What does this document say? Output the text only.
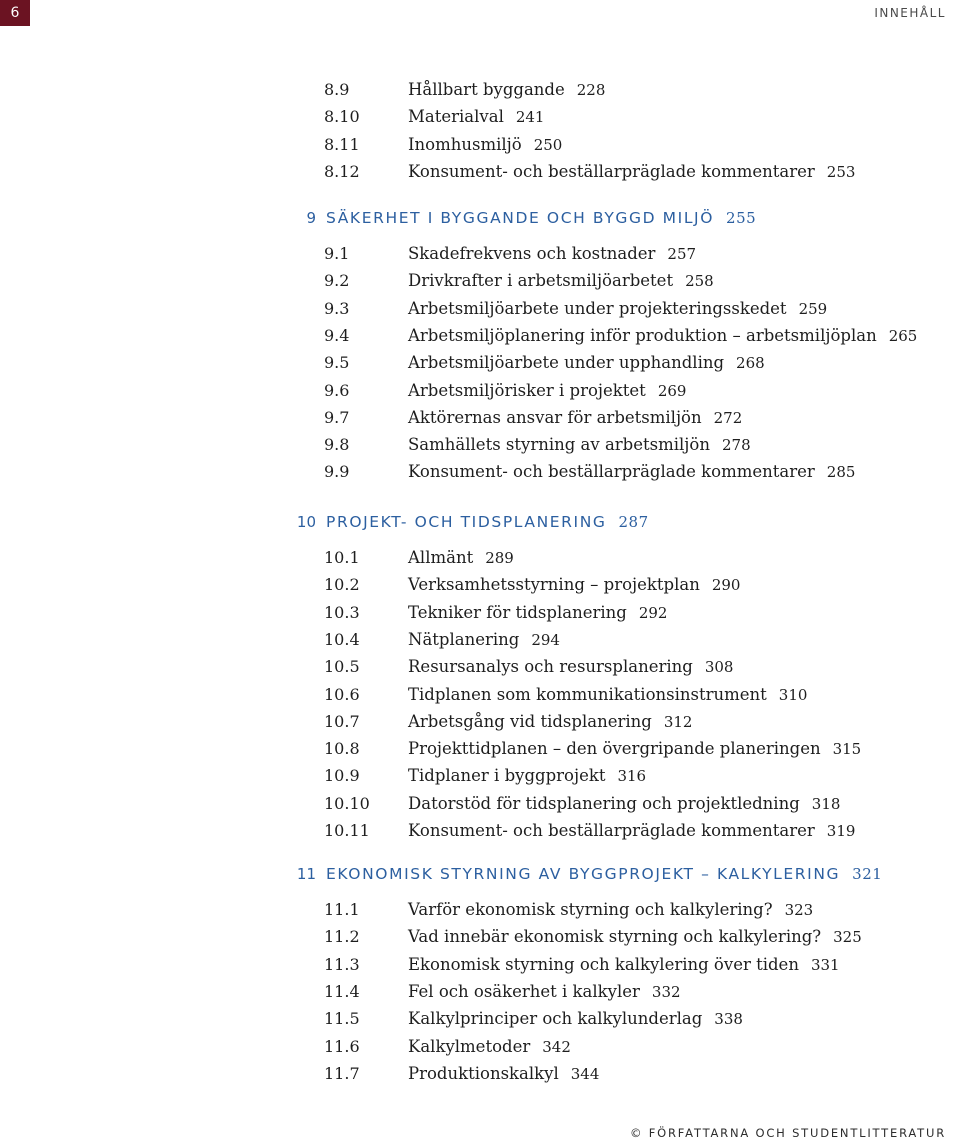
6	INNEHÅLL
8.9	Hållbart byggande 228
8.10	Materialval 241
8.11	Inomhusmiljö 250
8.12	Konsument- och beställarpräglade kommentarer 253
9 SÄKERHET I BYGGANDE OCH BYGGD MILJÖ 255
9.1	Skadefrekvens och kostnader 257
9.2	Drivkrafter i arbetsmiljöarbetet 258
9.3	Arbetsmiljöarbete under projekteringsskedet 259
9.4	Arbetsmiljöplanering inför produktion – arbetsmiljöplan 265
9.5	Arbetsmiljöarbete under upphandling 268
9.6	Arbetsmiljörisker i projektet 269
9.7	Aktörernas ansvar för arbetsmiljön 272
9.8	Samhällets styrning av arbetsmiljön 278
9.9	Konsument- och beställarpräglade kommentarer 285
10 PROJEKT- OCH TIDSPLANERING 287
10.1	Allmänt 289
10.2	Verksamhetsstyrning – projektplan 290
10.3	Tekniker för tidsplanering 292
10.4	Nätplanering 294
10.5	Resursanalys och resursplanering 308
10.6	Tidplanen som kommunikationsinstrument 310
10.7	Arbetsgång vid tidsplanering 312
10.8	Projekttidplanen – den övergripande planeringen 315
10.9	Tidplaner i byggprojekt 316
10.10 Datorstöd för tidsplanering och projektledning 318
10.11 Konsument- och beställarpräglade kommentarer 319
11 EKONOMISK STYRNING AV BYGGPROJEKT – KALKYLERING 321
11.1	Varför ekonomisk styrning och kalkylering? 323
11.2	Vad innebär ekonomisk styrning och kalkylering? 325
11.3	Ekonomisk styrning och kalkylering över tiden 331
11.4	Fel och osäkerhet i kalkyler 332
11.5	Kalkylprinciper och kalkylunderlag 338
11.6	Kalkylmetoder 342
11.7	Produktionskalkyl 344
© FÖRFATTARNA OCH STUDENTLITTERATUR
